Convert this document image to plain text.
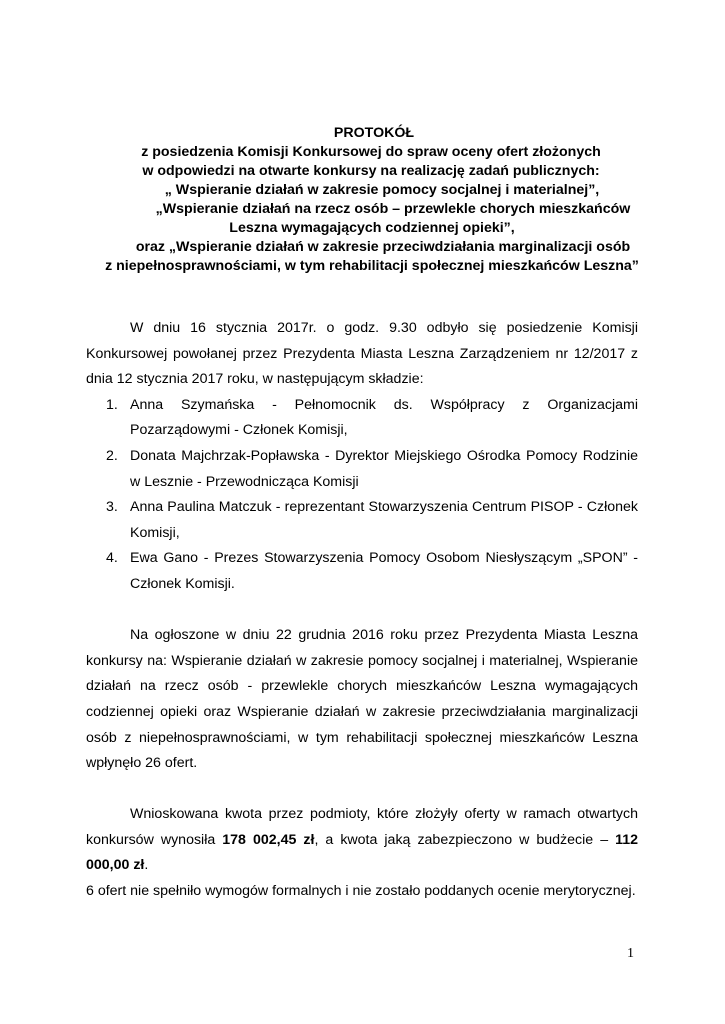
PROTOKÓŁ
z posiedzenia Komisji Konkursowej do spraw oceny ofert złożonych
w odpowiedzi na otwarte konkursy na realizację zadań publicznych:
„ Wspieranie działań w zakresie pomocy socjalnej i materialnej”,
„Wspieranie działań na rzecz osób – przewlekle chorych mieszkańców
Leszna wymagających codziennej opieki”,
oraz „Wspieranie działań w zakresie przeciwdziałania marginalizacji osób
z niepełnosprawnościami, w tym rehabilitacji społecznej mieszkańców Leszna”

W dniu 16 stycznia 2017r. o godz. 9.30 odbyło się posiedzenie Komisji Konkursowej powołanej przez Prezydenta Miasta Leszna Zarządzeniem nr 12/2017 z dnia 12 stycznia 2017 roku, w następującym składzie:

1. Anna Szymańska - Pełnomocnik ds. Współpracy z Organizacjami Pozarządowymi - Członek Komisji,
2. Donata Majchrzak-Popławska - Dyrektor Miejskiego Ośrodka Pomocy Rodzinie w Lesznie - Przewodnicząca Komisji
3. Anna Paulina Matczuk - reprezentant Stowarzyszenia Centrum PISOP - Członek Komisji,
4. Ewa Gano - Prezes Stowarzyszenia Pomocy Osobom Niesłyszącym „SPON” - Członek Komisji.

Na ogłoszone w dniu 22 grudnia 2016 roku przez Prezydenta Miasta Leszna konkursy na: Wspieranie działań w zakresie pomocy socjalnej i materialnej, Wspieranie działań na rzecz osób - przewlekle chorych mieszkańców Leszna wymagających codziennej opieki oraz Wspieranie działań w zakresie przeciwdziałania marginalizacji osób z niepełnosprawnościami, w tym rehabilitacji społecznej mieszkańców Leszna wpłynęło 26 ofert.

Wnioskowana kwota przez podmioty, które złożyły oferty w ramach otwartych konkursów wynosiła 178 002,45 zł, a kwota jaką zabezpieczono w budżecie – 112 000,00 zł.

6 ofert nie spełniło wymogów formalnych i nie zostało poddanych ocenie merytorycznej.

1
